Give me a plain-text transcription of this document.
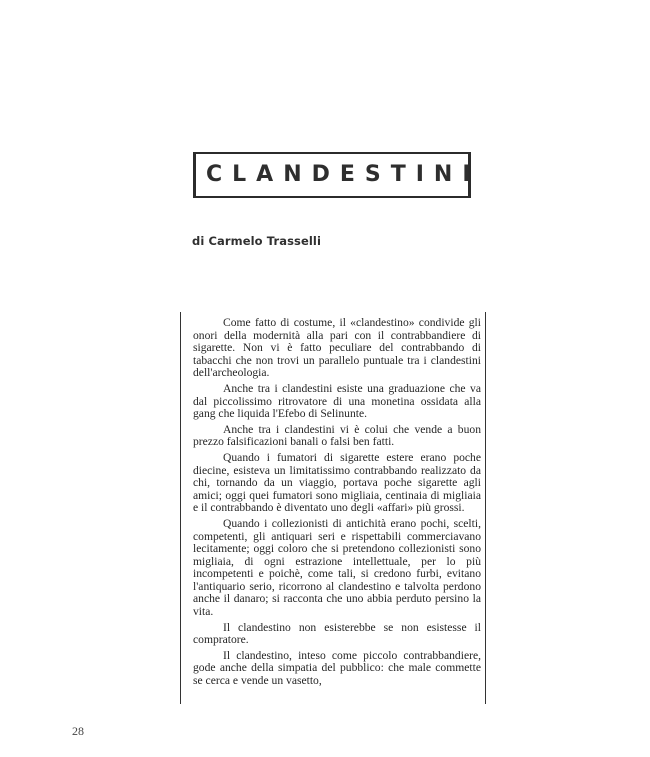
CLANDESTINI
di Carmelo Trasselli

Come fatto di costume, il «clandestino» condivide gli onori della modernità alla pari con il contrabbandiere di sigarette. Non vi è fatto peculiare del contrabbando di tabacchi che non trovi un parallelo puntuale tra i clandestini dell'archeologia.

Anche tra i clandestini esiste una graduazione che va dal piccolissimo ritrovatore di una monetina ossidata alla gang che liquida l'Efebo di Selinunte.

Anche tra i clandestini vi è colui che vende a buon prezzo falsificazioni banali o falsi ben fatti.

Quando i fumatori di sigarette estere erano poche diecine, esisteva un limitatissimo contrabbando realizzato da chi, tornando da un viaggio, portava poche sigarette agli amici; oggi quei fumatori sono migliaia, centinaia di migliaia e il contrabbando è diventato uno degli «affari» più grossi.

Quando i collezionisti di antichità erano pochi, scelti, competenti, gli antiquari seri e rispettabili commerciavano lecitamente; oggi coloro che si pretendono collezionisti sono migliaia, di ogni estrazione intellettuale, per lo più incompetenti e poichè, come tali, si credono furbi, evitano l'antiquario serio, ricorrono al clandestino e talvolta perdono anche il danaro; si racconta che uno abbia perduto persino la vita.

Il clandestino non esisterebbe se non esistesse il compratore.

Il clandestino, inteso come piccolo contrabbandiere, gode anche della simpatia del pubblico: che male commette se cerca e vende un vasetto,

28
